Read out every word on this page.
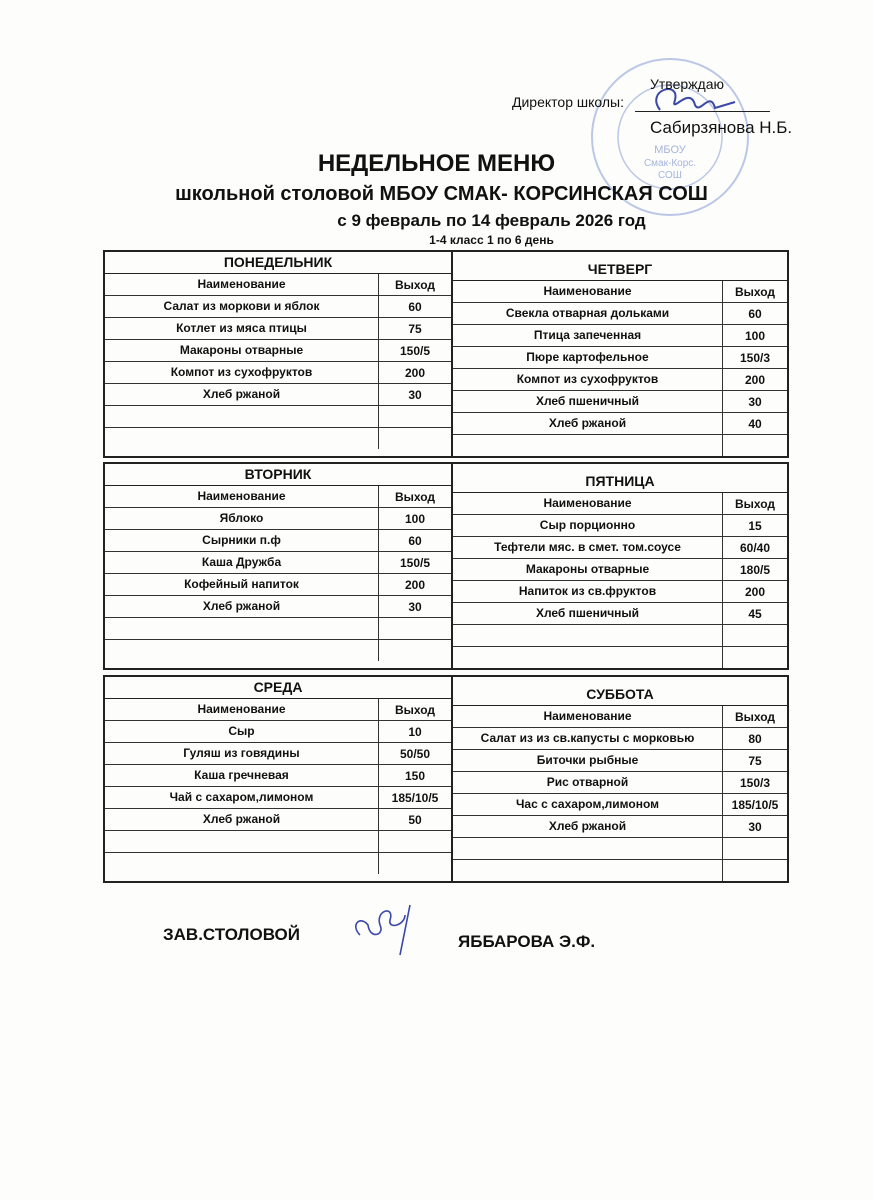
МБОУ
Смак-Корс.
СОШ
Утверждаю
Директор школы:
Сабирзянова Н.Б.
НЕДЕЛЬНОЕ МЕНЮ
школьной столовой МБОУ СМАК- КОРСИНСКАЯ СОШ
с 9 февраль по 14 февраль 2026 год
1-4 класс 1 по 6 день
ПОНЕДЕЛЬНИК
Наименование	Выход
Салат из моркови и яблок	60
Котлет из мяса птицы	75
Макароны отварные	150/5
Компот из сухофруктов	200
Хлеб ржаной	30
ЧЕТВЕРГ
Наименование	Выход
Свекла отварная дольками	60
Птица запеченная	100
Пюре картофельное	150/3
Компот из сухофруктов	200
Хлеб пшеничный	30
Хлеб ржаной	40
ВТОРНИК
Наименование	Выход
Яблоко	100
Сырники п.ф	60
Каша Дружба	150/5
Кофейный напиток	200
Хлеб ржаной	30
ПЯТНИЦА
Наименование	Выход
Сыр порционно	15
Тефтели мяс. в смет. том.соусе	60/40
Макароны отварные	180/5
Напиток из св.фруктов	200
Хлеб пшеничный	45
СРЕДА
Наименование	Выход
Сыр	10
Гуляш из говядины	50/50
Каша гречневая	150
Чай с сахаром,лимоном	185/10/5
Хлеб ржаной	50
СУББОТА
Наименование	Выход
Салат из из св.капусты с морковью	80
Биточки рыбные	75
Рис отварной	150/3
Час с сахаром,лимоном	185/10/5
Хлеб ржаной	30
ЗАВ.СТОЛОВОЙ	ЯББАРОВА Э.Ф.
